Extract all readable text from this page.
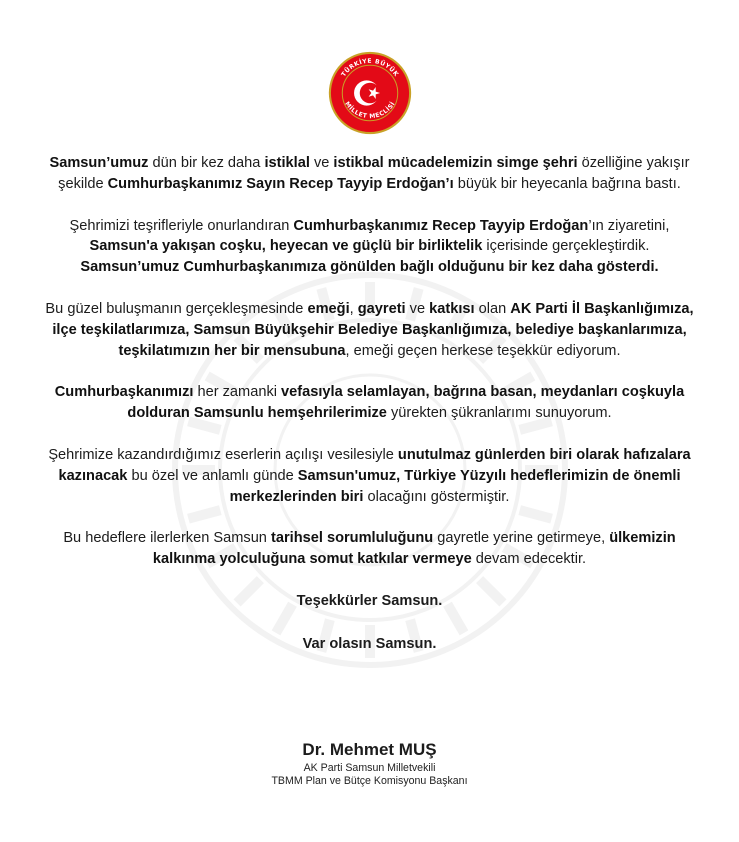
TÜRKİYE BÜYÜK
MİLLET MECLİSİ

Samsun’umuz dün bir kez daha istiklal ve istikbal mücadelemizin simge şehri özelliğine yakışır şekilde Cumhurbaşkanımız Sayın Recep Tayyip Erdoğan’ı büyük bir heyecanla bağrına bastı.

Şehrimizi teşrifleriyle onurlandıran Cumhurbaşkanımız Recep Tayyip Erdoğan’ın ziyaretini, Samsun'a yakışan coşku, heyecan ve güçlü bir birliktelik içerisinde gerçekleştirdik. Samsun’umuz Cumhurbaşkanımıza gönülden bağlı olduğunu bir kez daha gösterdi.

Bu güzel buluşmanın gerçekleşmesinde emeği, gayreti ve katkısı olan AK Parti İl Başkanlığımıza, ilçe teşkilatlarımıza, Samsun Büyükşehir Belediye Başkanlığımıza, belediye başkanlarımıza, teşkilatımızın her bir mensubuna, emeği geçen herkese teşekkür ediyorum.

Cumhurbaşkanımızı her zamanki vefasıyla selamlayan, bağrına basan, meydanları coşkuyla dolduran Samsunlu hemşehrilerimize yürekten şükranlarımı sunuyorum.

Şehrimize kazandırdığımız eserlerin açılışı vesilesiyle unutulmaz günlerden biri olarak hafızalara kazınacak bu özel ve anlamlı günde Samsun'umuz, Türkiye Yüzyılı hedeflerimizin de önemli merkezlerinden biri olacağını göstermiştir.

Bu hedeflere ilerlerken Samsun tarihsel sorumluluğunu gayretle yerine getirmeye, ülkemizin kalkınma yolculuğuna somut katkılar vermeye devam edecektir.

Teşekkürler Samsun.

Var olasın Samsun.

Dr. Mehmet MUŞ
AK Parti Samsun Milletvekili
TBMM Plan ve Bütçe Komisyonu Başkanı
